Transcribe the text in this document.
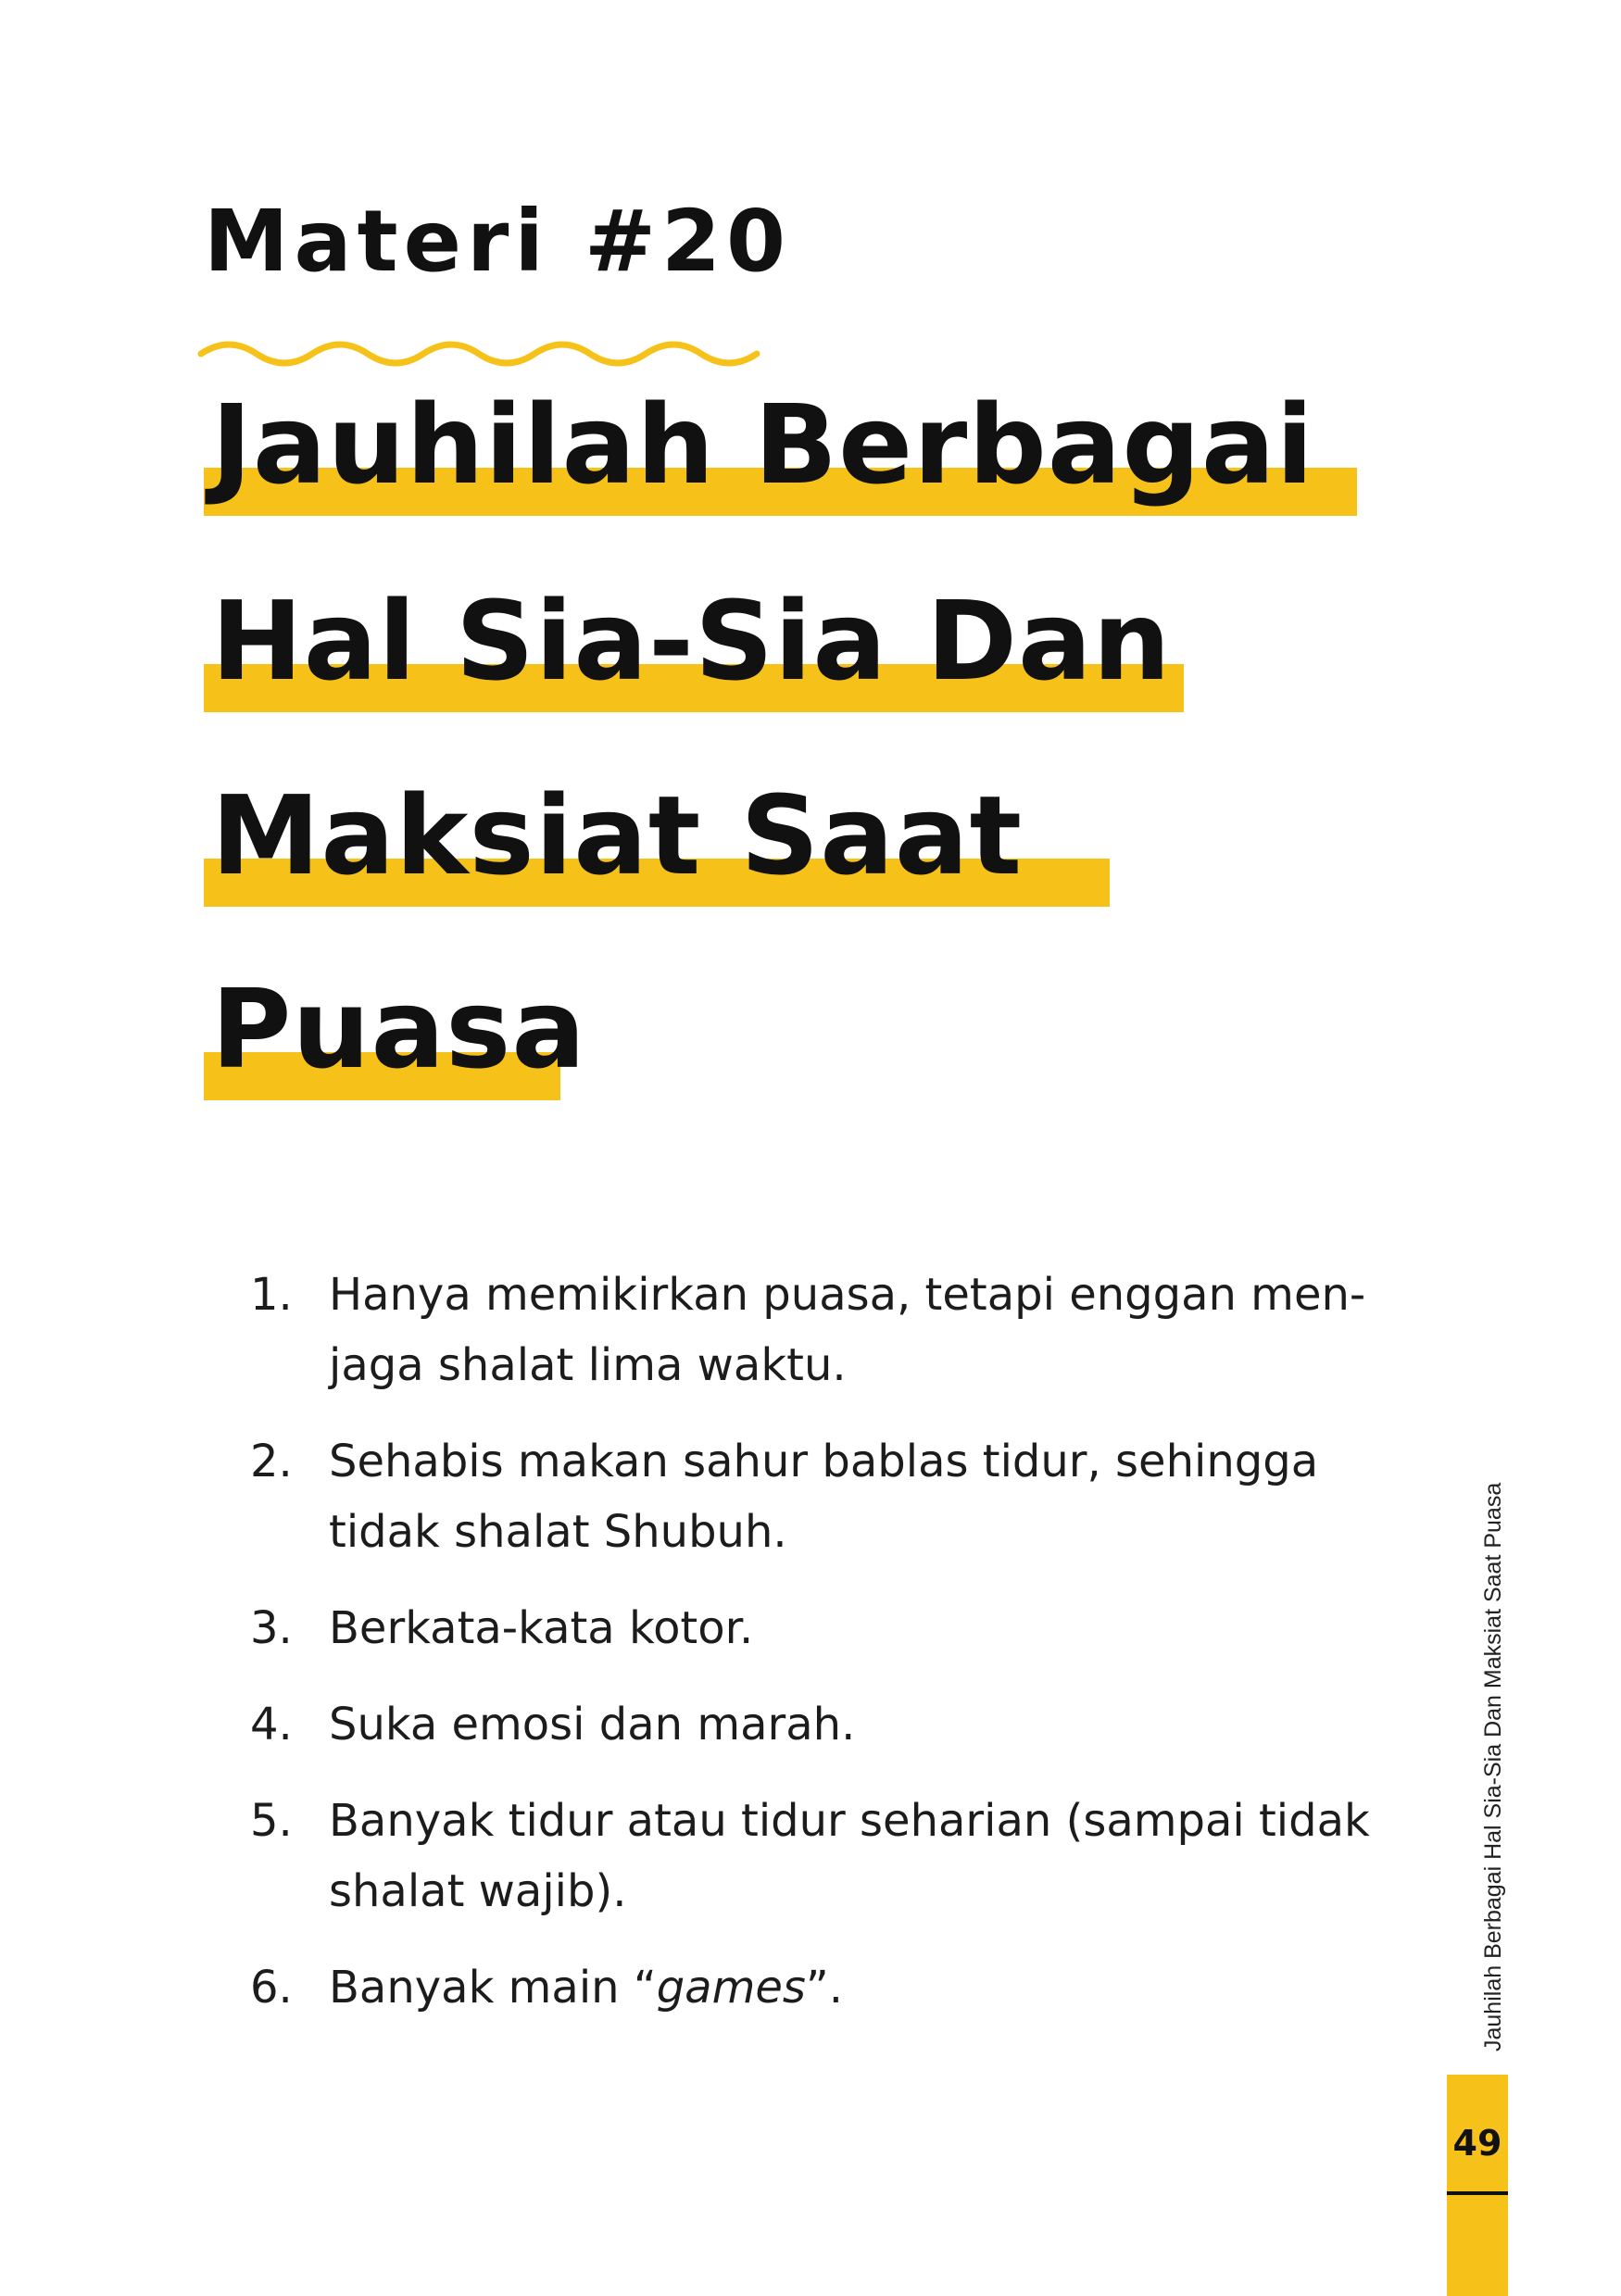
Materi #20
Jauhilah Berbagai
Hal Sia-Sia Dan
Maksiat Saat
Puasa
1. Hanya memikirkan puasa, tetapi enggan men-jaga shalat lima waktu.
2. Sehabis makan sahur bablas tidur, sehingga tidak shalat Shubuh.
3. Berkata-kata kotor.
4. Suka emosi dan marah.
5. Banyak tidur atau tidur seharian (sampai tidak shalat wajib).
6. Banyak main “games”.	Jauhilah Berbagai Hal Sia-Sia Dan Maksiat Saat Puasa
49
